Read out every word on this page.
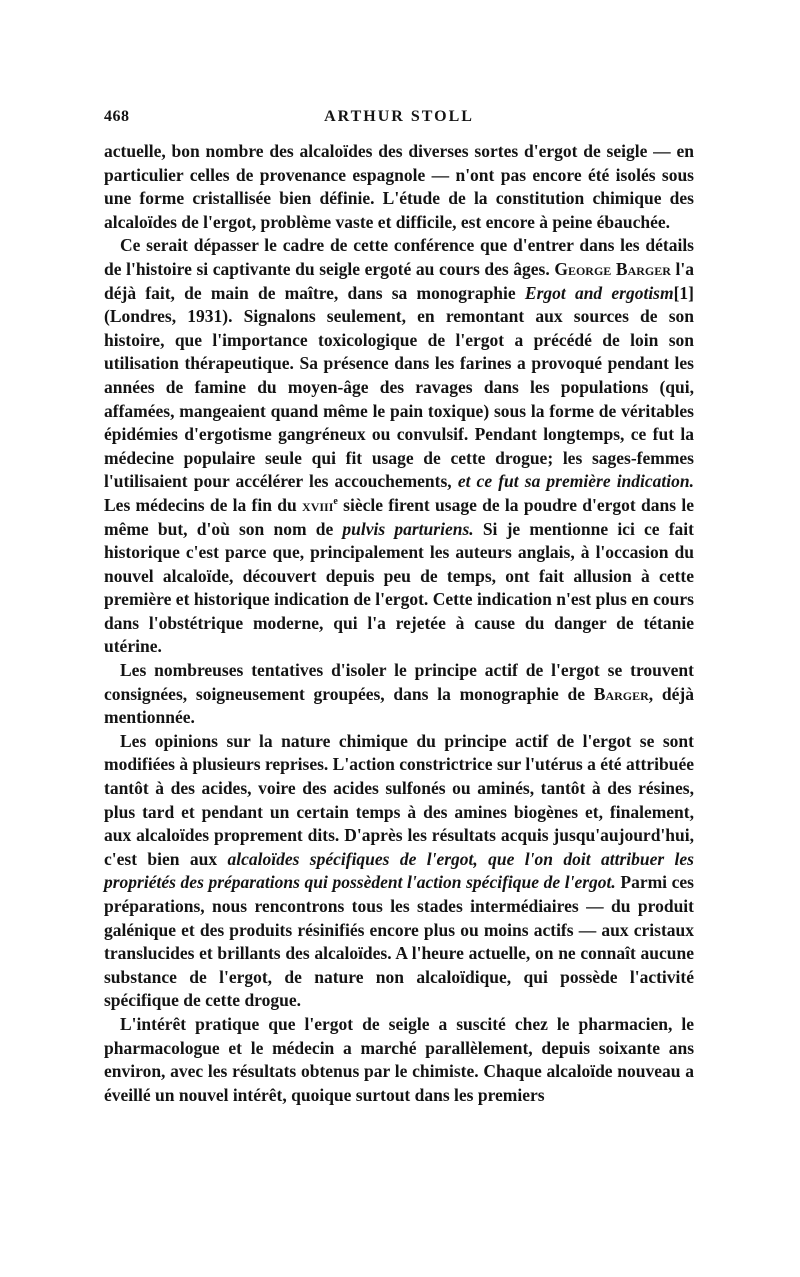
468	ARTHUR STOLL

actuelle, bon nombre des alcaloïdes des diverses sortes d'ergot de seigle — en particulier celles de provenance espagnole — n'ont pas encore été isolés sous une forme cristallisée bien définie. L'étude de la constitution chimique des alcaloïdes de l'ergot, problème vaste et difficile, est encore à peine ébauchée.

Ce serait dépasser le cadre de cette conférence que d'entrer dans les détails de l'histoire si captivante du seigle ergoté au cours des âges. George Barger l'a déjà fait, de main de maître, dans sa monographie Ergot and ergotism[1] (Londres, 1931). Signalons seulement, en remontant aux sources de son histoire, que l'importance toxicologique de l'ergot a précédé de loin son utilisation thérapeutique. Sa présence dans les farines a provoqué pendant les années de famine du moyen-âge des ravages dans les populations (qui, affamées, mangeaient quand même le pain toxique) sous la forme de véritables épidémies d'ergotisme gangréneux ou convulsif. Pendant longtemps, ce fut la médecine populaire seule qui fit usage de cette drogue; les sages-femmes l'utilisaient pour accélérer les accouchements, et ce fut sa première indication. Les médecins de la fin du xviii$^e$ siècle firent usage de la poudre d'ergot dans le même but, d'où son nom de pulvis parturiens. Si je mentionne ici ce fait historique c'est parce que, principalement les auteurs anglais, à l'occasion du nouvel alcaloïde, découvert depuis peu de temps, ont fait allusion à cette première et historique indication de l'ergot. Cette indication n'est plus en cours dans l'obstétrique moderne, qui l'a rejetée à cause du danger de tétanie utérine.

Les nombreuses tentatives d'isoler le principe actif de l'ergot se trouvent consignées, soigneusement groupées, dans la monographie de Barger, déjà mentionnée.

Les opinions sur la nature chimique du principe actif de l'ergot se sont modifiées à plusieurs reprises. L'action constrictrice sur l'utérus a été attribuée tantôt à des acides, voire des acides sulfonés ou aminés, tantôt à des résines, plus tard et pendant un certain temps à des amines biogènes et, finalement, aux alcaloïdes proprement dits. D'après les résultats acquis jusqu'aujourd'hui, c'est bien aux alcaloïdes spécifiques de l'ergot, que l'on doit attribuer les propriétés des préparations qui possèdent l'action spécifique de l'ergot. Parmi ces préparations, nous rencontrons tous les stades intermédiaires — du produit galénique et des produits résinifiés encore plus ou moins actifs — aux cristaux translucides et brillants des alcaloïdes. A l'heure actuelle, on ne connaît aucune substance de l'ergot, de nature non alcaloïdique, qui possède l'activité spécifique de cette drogue.

L'intérêt pratique que l'ergot de seigle a suscité chez le pharmacien, le pharmacologue et le médecin a marché parallèlement, depuis soixante ans environ, avec les résultats obtenus par le chimiste. Chaque alcaloïde nouveau a éveillé un nouvel intérêt, quoique surtout dans les premiers
